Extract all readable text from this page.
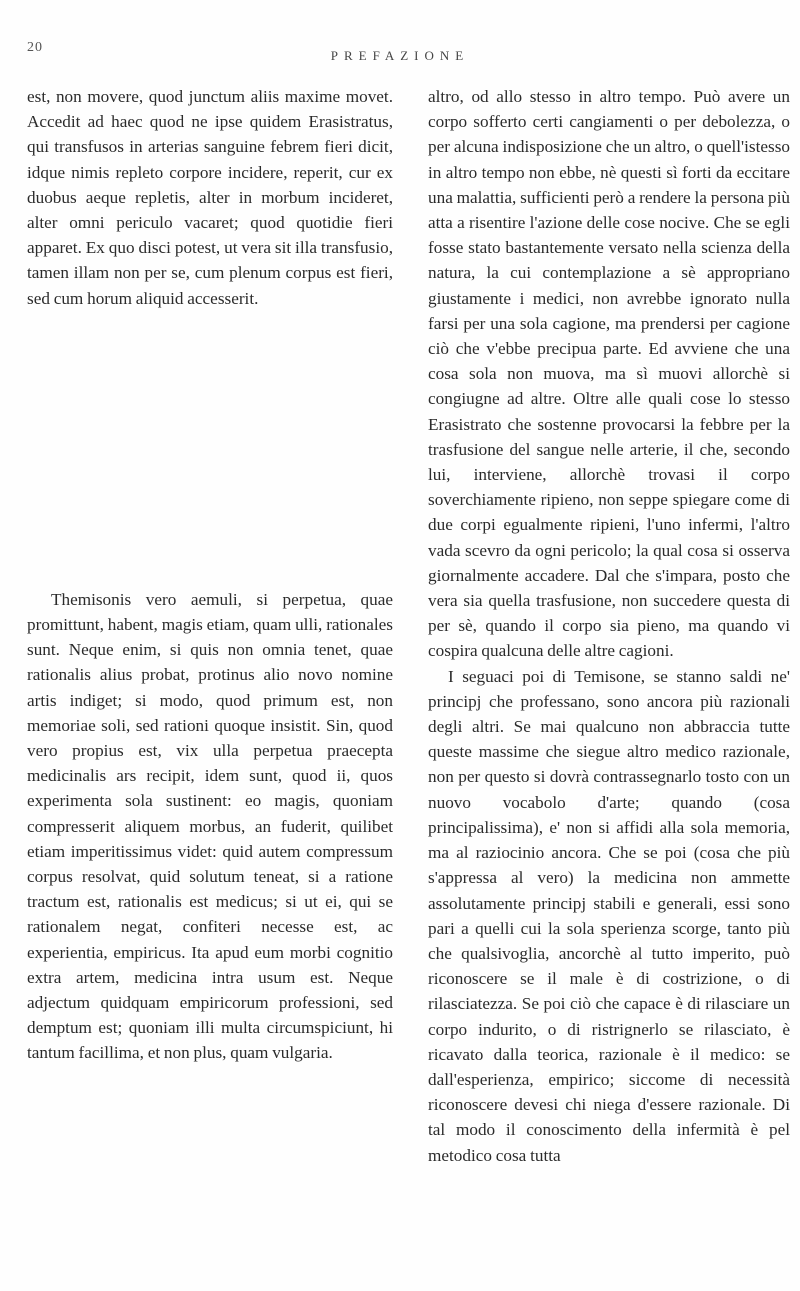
20
PREFAZIONE

est, non movere, quod junctum aliis maxime movet. Accedit ad haec quod ne ipse quidem Erasistratus, qui transfusos in arterias sanguine febrem fieri dicit, idque nimis repleto corpore incidere, reperit, cur ex duobus aeque repletis, alter in morbum incideret, alter omni periculo vacaret; quod quotidie fieri apparet. Ex quo disci potest, ut vera sit illa transfusio, tamen illam non per se, cum plenum corpus est fieri, sed cum horum aliquid accesserit.

Themisonis vero aemuli, si perpetua, quae promittunt, habent, magis etiam, quam ulli, rationales sunt. Neque enim, si quis non omnia tenet, quae rationalis alius probat, protinus alio novo nomine artis indiget; si modo, quod primum est, non memoriae soli, sed rationi quoque insistit. Sin, quod vero propius est, vix ulla perpetua praecepta medicinalis ars recipit, idem sunt, quod ii, quos experimenta sola sustinent: eo magis, quoniam compresserit aliquem morbus, an fuderit, quilibet etiam imperitissimus videt: quid autem compressum corpus resolvat, quid solutum teneat, si a ratione tractum est, rationalis est medicus; si ut ei, qui se rationalem negat, confiteri necesse est, ac experientia, empiricus. Ita apud eum morbi cognitio extra artem, medicina intra usum est. Neque adjectum quidquam empiricorum professioni, sed demptum est; quoniam illi multa circumspiciunt, hi tantum facillima, et non plus, quam vulgaria.

altro, od allo stesso in altro tempo. Può avere un corpo sofferto certi cangiamenti o per debolezza, o per alcuna indisposizione che un altro, o quell'istesso in altro tempo non ebbe, nè questi sì forti da eccitare una malattia, sufficienti però a rendere la persona più atta a risentire l'azione delle cose nocive. Che se egli fosse stato bastantemente versato nella scienza della natura, la cui contemplazione a sè appropriano giustamente i medici, non avrebbe ignorato nulla farsi per una sola cagione, ma prendersi per cagione ciò che v'ebbe precipua parte. Ed avviene che una cosa sola non muova, ma sì muovi allorchè si congiugne ad altre. Oltre alle quali cose lo stesso Erasistrato che sostenne provocarsi la febbre per la trasfusione del sangue nelle arterie, il che, secondo lui, interviene, allorchè trovasi il corpo soverchiamente ripieno, non seppe spiegare come di due corpi egualmente ripieni, l'uno infermi, l'altro vada scevro da ogni pericolo; la qual cosa si osserva giornalmente accadere. Dal che s'impara, posto che vera sia quella trasfusione, non succedere questa di per sè, quando il corpo sia pieno, ma quando vi cospira qualcuna delle altre cagioni.

I seguaci poi di Temisone, se stanno saldi ne' principj che professano, sono ancora più razionali degli altri. Se mai qualcuno non abbraccia tutte queste massime che siegue altro medico razionale, non per questo si dovrà contrassegnarlo tosto con un nuovo vocabolo d'arte; quando (cosa principalissima), e' non si affidi alla sola memoria, ma al raziocinio ancora. Che se poi (cosa che più s'appressa al vero) la medicina non ammette assolutamente principj stabili e generali, essi sono pari a quelli cui la sola sperienza scorge, tanto più che qualsivoglia, ancorchè al tutto imperito, può riconoscere se il male è di costrizione, o di rilasciatezza. Se poi ciò che capace è di rilasciare un corpo indurito, o di ristrignerlo se rilasciato, è ricavato dalla teorica, razionale è il medico: se dall'esperienza, empirico; siccome di necessità riconoscere devesi chi niega d'essere razionale. Di tal modo il conoscimento della infermità è pel metodico cosa tutta
